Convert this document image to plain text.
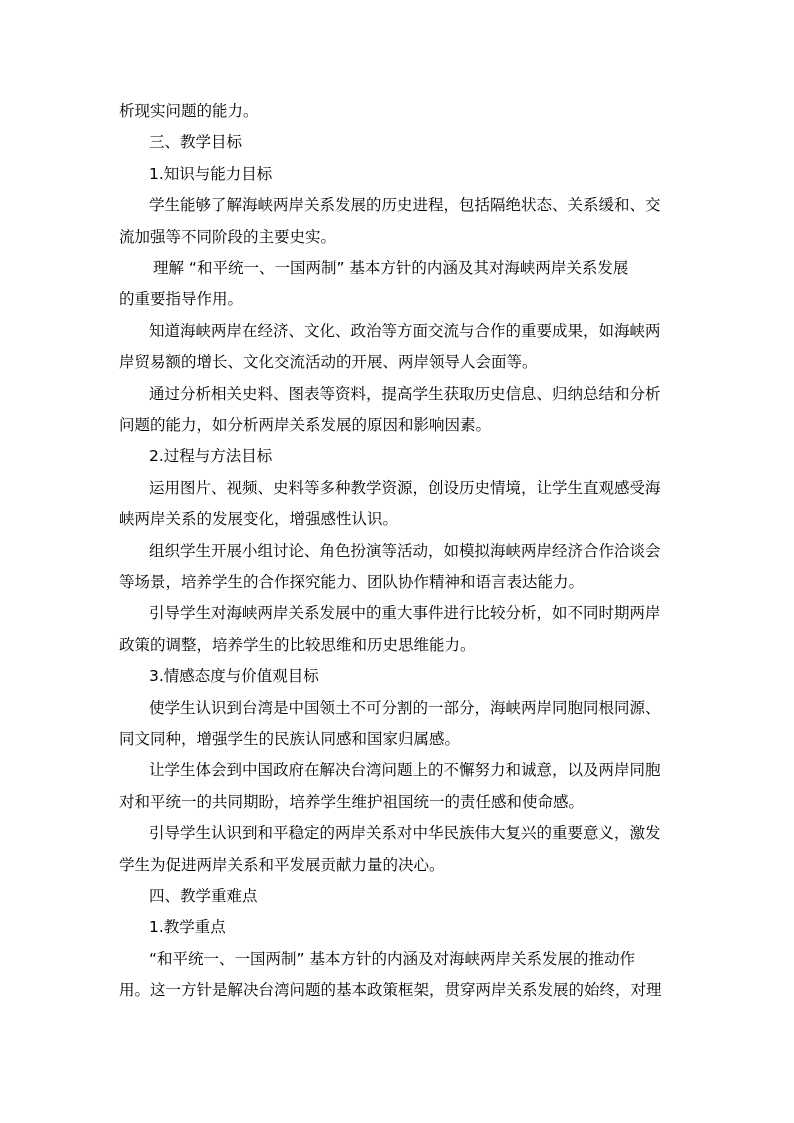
析现实问题的能力。
三、教学目标
1.知识与能力目标
学生能够了解海峡两岸关系发展的历史进程，包括隔绝状态、关系缓和、交
流加强等不同阶段的主要史实。
理解 “和平统一、一国两制” 基本方针的内涵及其对海峡两岸关系发展
的重要指导作用。
知道海峡两岸在经济、文化、政治等方面交流与合作的重要成果，如海峡两
岸贸易额的增长、文化交流活动的开展、两岸领导人会面等。
通过分析相关史料、图表等资料，提高学生获取历史信息、归纳总结和分析
问题的能力，如分析两岸关系发展的原因和影响因素。
2.过程与方法目标
运用图片、视频、史料等多种教学资源，创设历史情境，让学生直观感受海
峡两岸关系的发展变化，增强感性认识。
组织学生开展小组讨论、角色扮演等活动，如模拟海峡两岸经济合作洽谈会
等场景，培养学生的合作探究能力、团队协作精神和语言表达能力。
引导学生对海峡两岸关系发展中的重大事件进行比较分析，如不同时期两岸
政策的调整，培养学生的比较思维和历史思维能力。
3.情感态度与价值观目标
使学生认识到台湾是中国领土不可分割的一部分，海峡两岸同胞同根同源、
同文同种，增强学生的民族认同感和国家归属感。
让学生体会到中国政府在解决台湾问题上的不懈努力和诚意，以及两岸同胞
对和平统一的共同期盼，培养学生维护祖国统一的责任感和使命感。
引导学生认识到和平稳定的两岸关系对中华民族伟大复兴的重要意义，激发
学生为促进两岸关系和平发展贡献力量的决心。
四、教学重难点
1.教学重点
“和平统一、一国两制” 基本方针的内涵及对海峡两岸关系发展的推动作
用。这一方针是解决台湾问题的基本政策框架，贯穿两岸关系发展的始终，对理
